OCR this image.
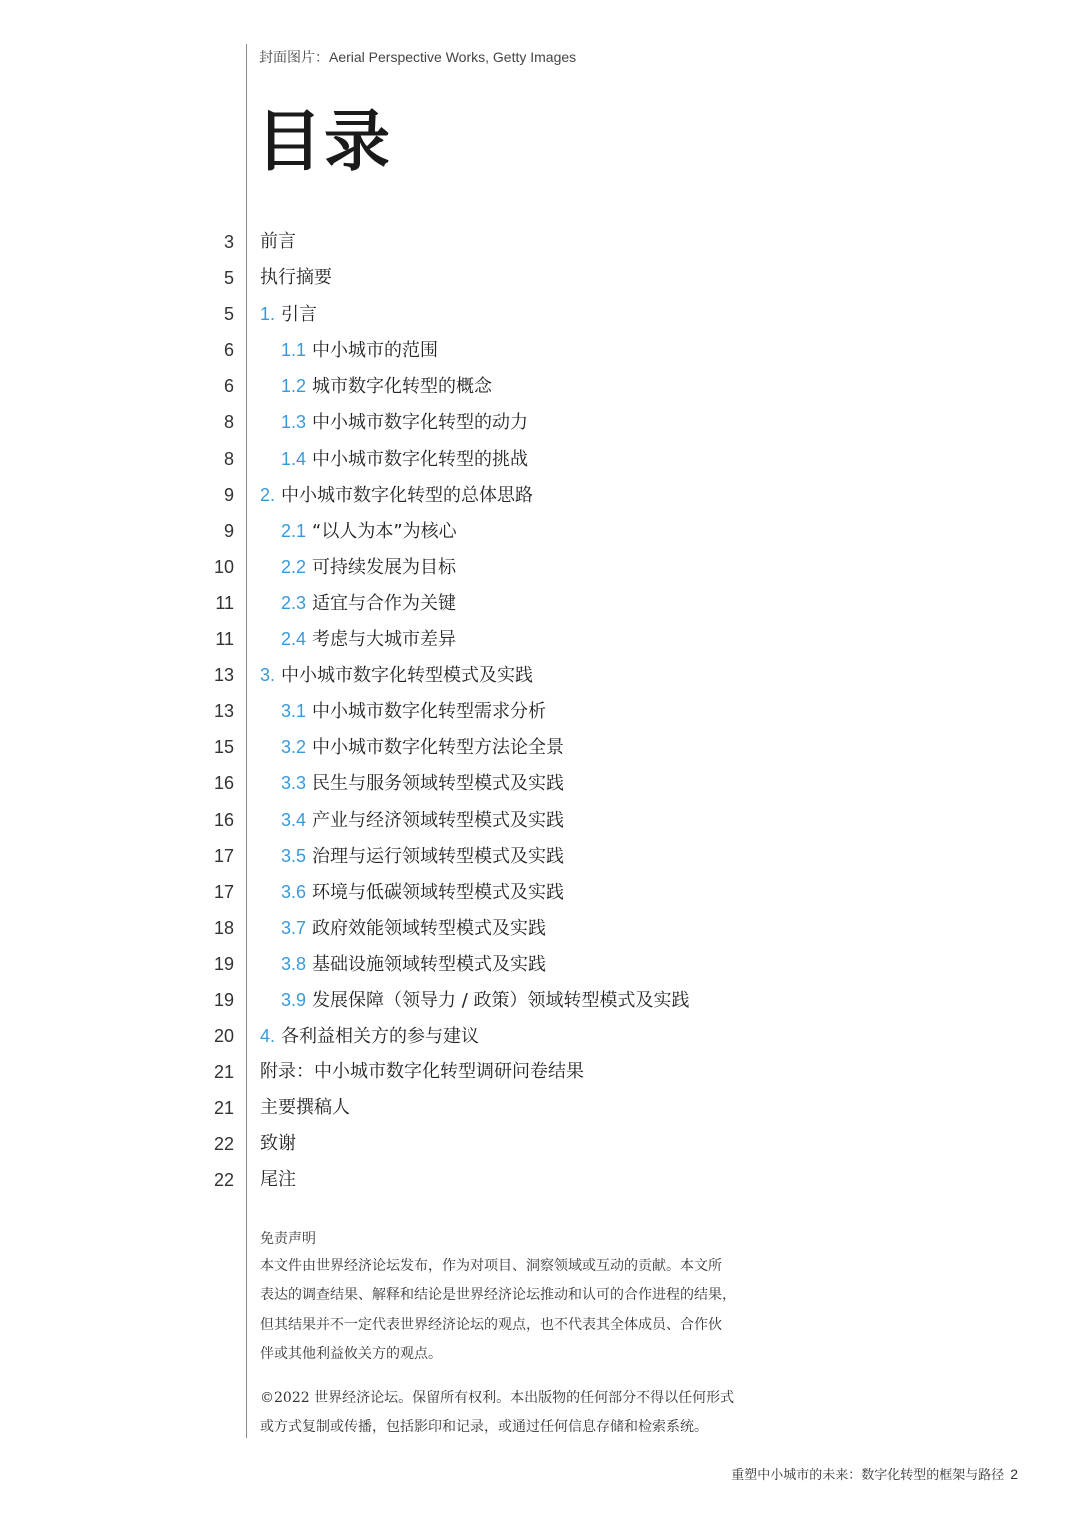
封面图片：Aerial Perspective Works, Getty Images
目录
3 前言
5 执行摘要
5 1. 引言
6	1.1 中小城市的范围
6	1.2 城市数字化转型的概念
8	1.3 中小城市数字化转型的动力
8	1.4 中小城市数字化转型的挑战
9 2. 中小城市数字化转型的总体思路
9	2.1 “以人为本”为核心
10	2.2 可持续发展为目标
11	2.3 适宜与合作为关键
11	2.4 考虑与大城市差异
13 3. 中小城市数字化转型模式及实践
13	3.1 中小城市数字化转型需求分析
15	3.2 中小城市数字化转型方法论全景
16	3.3 民生与服务领域转型模式及实践
16	3.4 产业与经济领域转型模式及实践
17	3.5 治理与运行领域转型模式及实践
17	3.6 环境与低碳领域转型模式及实践
18	3.7 政府效能领域转型模式及实践
19	3.8 基础设施领域转型模式及实践
19	3.9 发展保障（领导力 / 政策）领域转型模式及实践
20 4. 各利益相关方的参与建议
21 附录：中小城市数字化转型调研问卷结果
21 主要撰稿人
22 致谢
22 尾注
免责声明

本文件由世界经济论坛发布，作为对项目、洞察领域或互动的贡献。本文所
表达的调查结果、解释和结论是世界经济论坛推动和认可的合作进程的结果，
但其结果并不一定代表世界经济论坛的观点，也不代表其全体成员、合作伙
伴或其他利益攸关方的观点。

©2022 世界经济论坛。保留所有权利。本出版物的任何部分不得以任何形式
或方式复制或传播，包括影印和记录，或通过任何信息存储和检索系统。

重塑中小城市的未来：数字化转型的框架与路径 2
